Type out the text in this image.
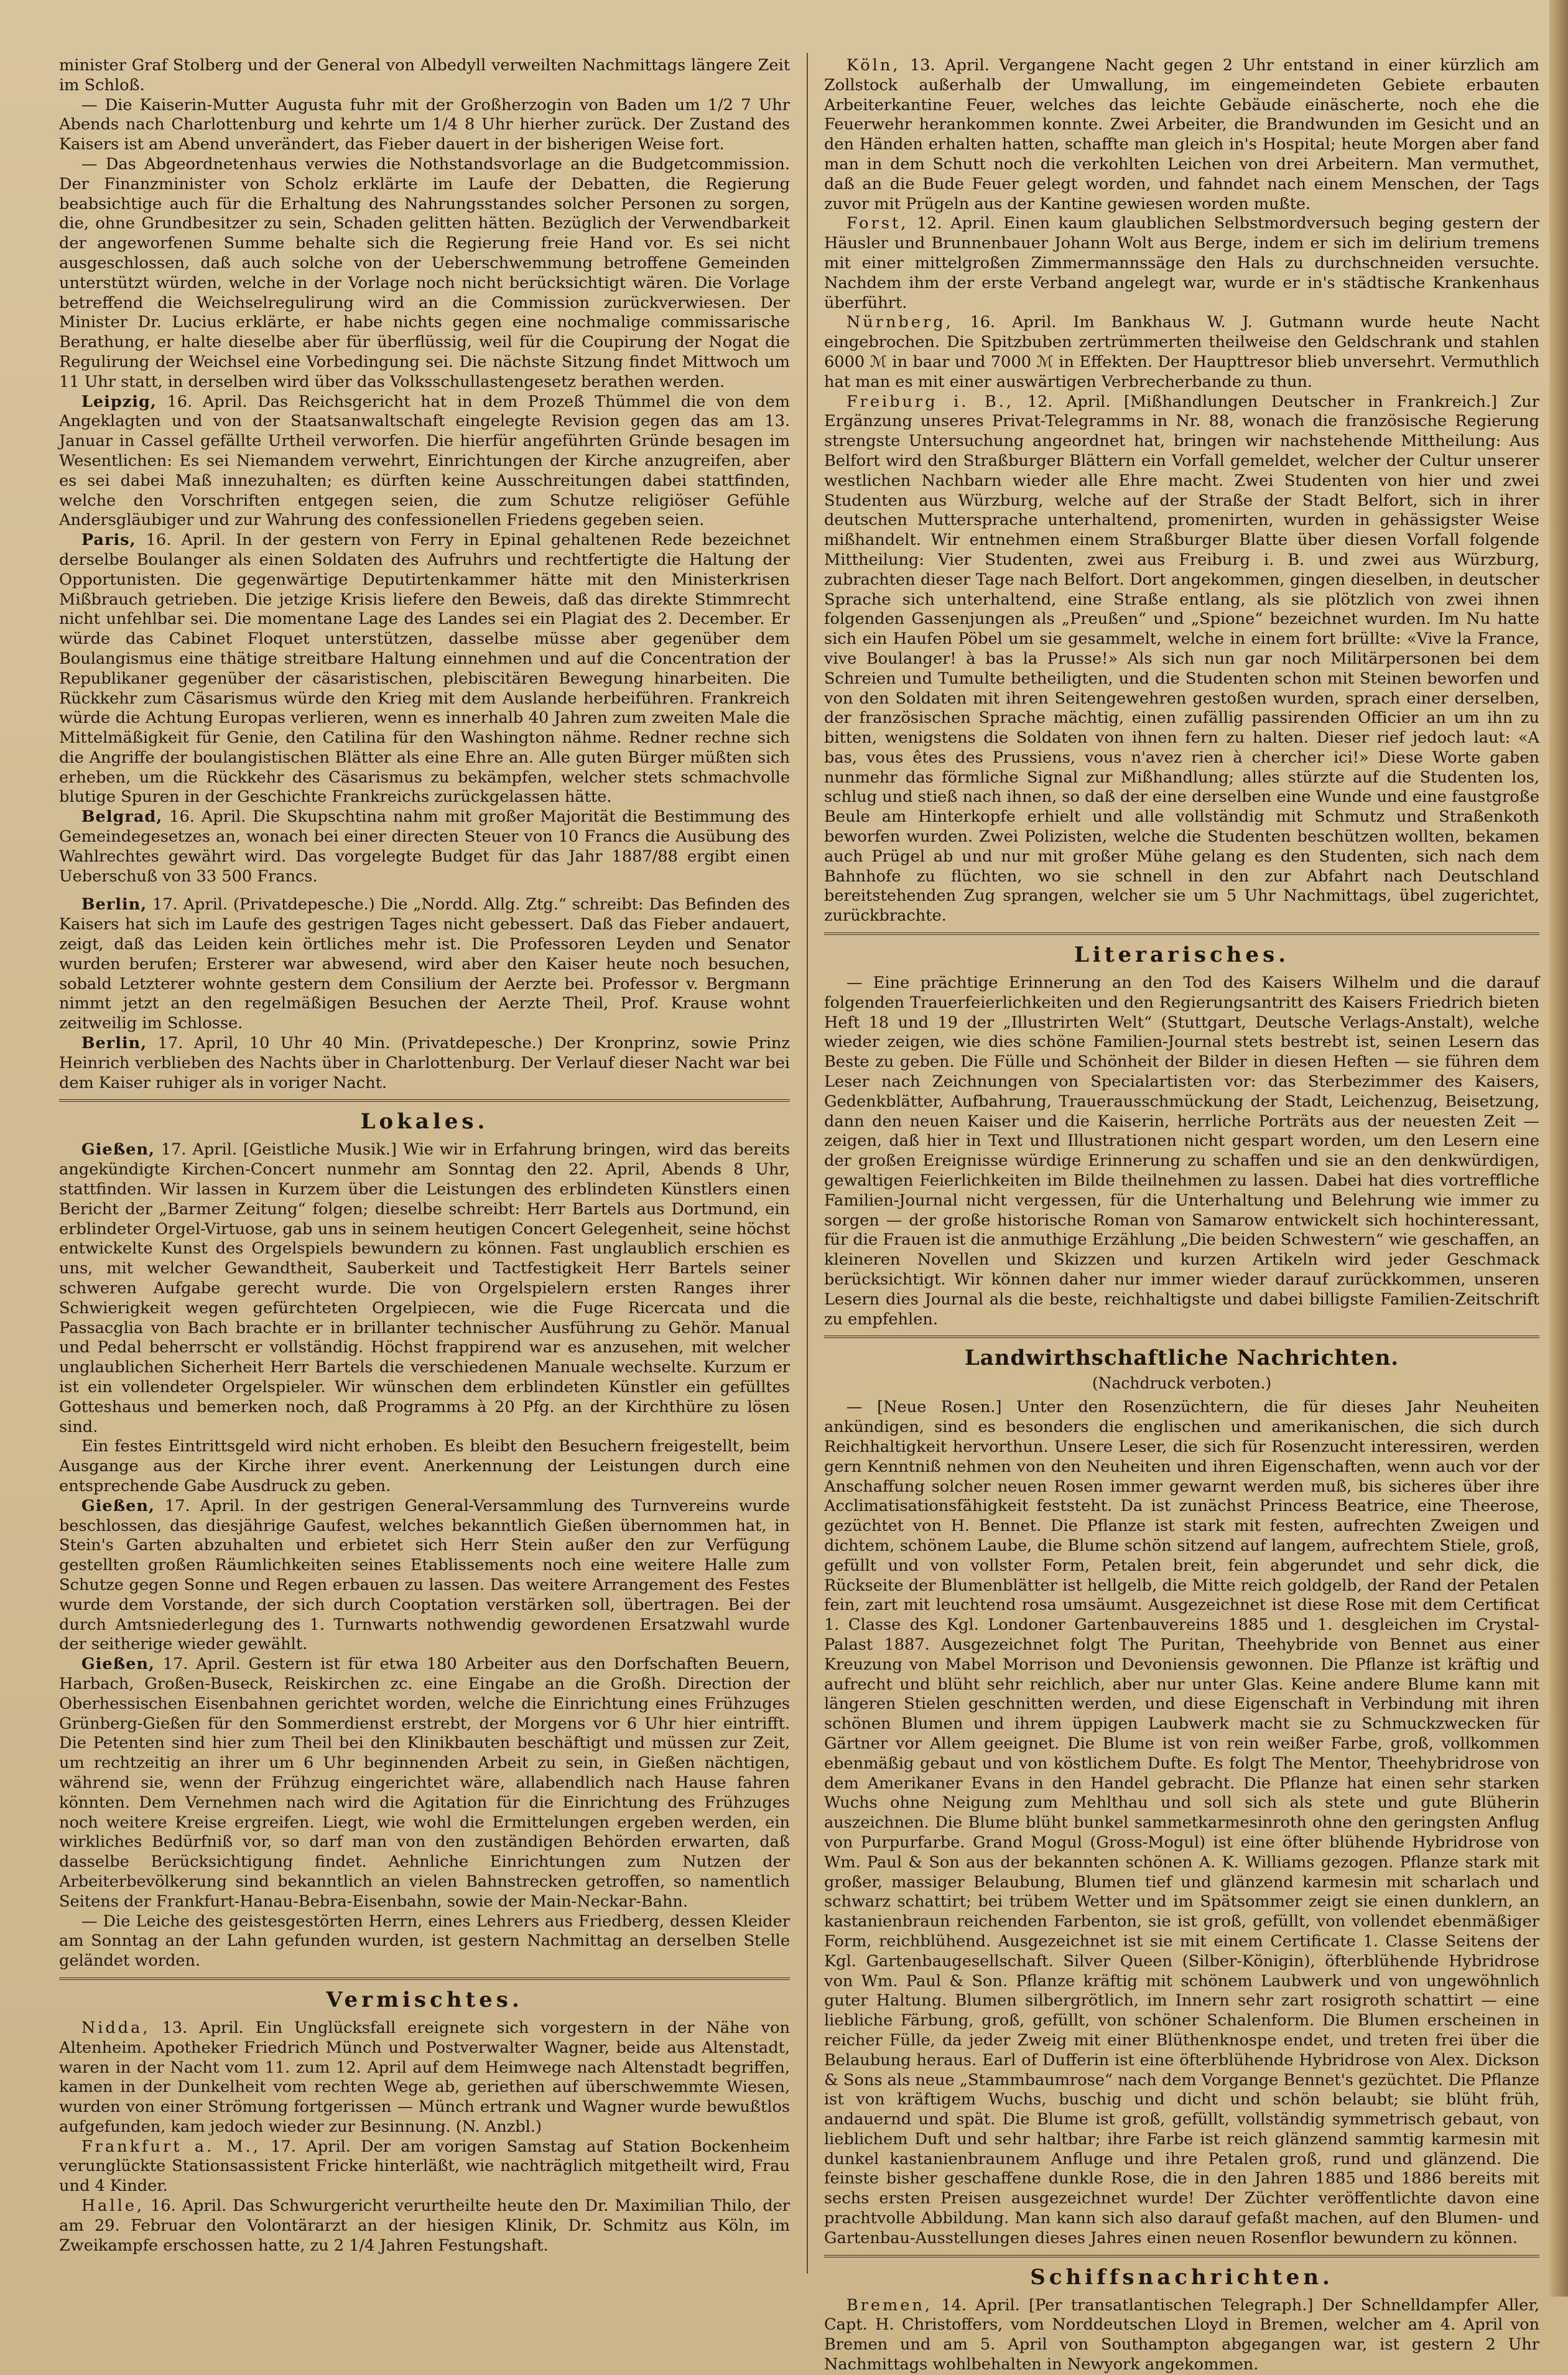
minister Graf Stolberg und der General von Albedyll verweilten Nachmittags längere Zeit im Schloß.

— Die Kaiserin-Mutter Augusta fuhr mit der Großherzogin von Baden um 1/2 7 Uhr Abends nach Charlottenburg und kehrte um 1/4 8 Uhr hierher zurück. Der Zustand des Kaisers ist am Abend unverändert, das Fieber dauert in der bisherigen Weise fort.

— Das Abgeordnetenhaus verwies die Nothstandsvorlage an die Budgetcommission. Der Finanzminister von Scholz erklärte im Laufe der Debatten, die Regierung beabsichtige auch für die Erhaltung des Nahrungsstandes solcher Personen zu sorgen, die, ohne Grundbesitzer zu sein, Schaden gelitten hätten. Bezüglich der Verwendbarkeit der angeworfenen Summe behalte sich die Regierung freie Hand vor. Es sei nicht ausgeschlossen, daß auch solche von der Ueberschwemmung betroffene Gemeinden unterstützt würden, welche in der Vorlage noch nicht berücksichtigt wären. Die Vorlage betreffend die Weichselregulirung wird an die Commission zurückverwiesen. Der Minister Dr. Lucius erklärte, er habe nichts gegen eine nochmalige commissarische Berathung, er halte dieselbe aber für überflüssig, weil für die Coupirung der Nogat die Regulirung der Weichsel eine Vorbedingung sei. Die nächste Sitzung findet Mittwoch um 11 Uhr statt, in derselben wird über das Volksschullastengesetz berathen werden.

Leipzig, 16. April. Das Reichsgericht hat in dem Prozeß Thümmel die von dem Angeklagten und von der Staatsanwaltschaft eingelegte Revision gegen das am 13. Januar in Cassel gefällte Urtheil verworfen. Die hierfür angeführten Gründe besagen im Wesentlichen: Es sei Niemandem verwehrt, Einrichtungen der Kirche anzugreifen, aber es sei dabei Maß innezuhalten; es dürften keine Ausschreitungen dabei stattfinden, welche den Vorschriften entgegen seien, die zum Schutze religiöser Gefühle Andersgläubiger und zur Wahrung des confessionellen Friedens gegeben seien.

Paris, 16. April. In der gestern von Ferry in Epinal gehaltenen Rede bezeichnet derselbe Boulanger als einen Soldaten des Aufruhrs und rechtfertigte die Haltung der Opportunisten. Die gegenwärtige Deputirtenkammer hätte mit den Ministerkrisen Mißbrauch getrieben. Die jetzige Krisis liefere den Beweis, daß das direkte Stimmrecht nicht unfehlbar sei. Die momentane Lage des Landes sei ein Plagiat des 2. December. Er würde das Cabinet Floquet unterstützen, dasselbe müsse aber gegenüber dem Boulangismus eine thätige streitbare Haltung einnehmen und auf die Concentration der Republikaner gegenüber der cäsaristischen, plebiscitären Bewegung hinarbeiten. Die Rückkehr zum Cäsarismus würde den Krieg mit dem Auslande herbeiführen. Frankreich würde die Achtung Europas verlieren, wenn es innerhalb 40 Jahren zum zweiten Male die Mittelmäßigkeit für Genie, den Catilina für den Washington nähme. Redner rechne sich die Angriffe der boulangistischen Blätter als eine Ehre an. Alle guten Bürger müßten sich erheben, um die Rückkehr des Cäsarismus zu bekämpfen, welcher stets schmachvolle blutige Spuren in der Geschichte Frankreichs zurückgelassen hätte.

Belgrad, 16. April. Die Skupschtina nahm mit großer Majorität die Bestimmung des Gemeindegesetzes an, wonach bei einer directen Steuer von 10 Francs die Ausübung des Wahlrechtes gewährt wird. Das vorgelegte Budget für das Jahr 1887/88 ergibt einen Ueberschuß von 33 500 Francs.

Berlin, 17. April. (Privatdepesche.) Die „Nordd. Allg. Ztg.“ schreibt: Das Befinden des Kaisers hat sich im Laufe des gestrigen Tages nicht gebessert. Daß das Fieber andauert, zeigt, daß das Leiden kein örtliches mehr ist. Die Professoren Leyden und Senator wurden berufen; Ersterer war abwesend, wird aber den Kaiser heute noch besuchen, sobald Letzterer wohnte gestern dem Consilium der Aerzte bei. Professor v. Bergmann nimmt jetzt an den regelmäßigen Besuchen der Aerzte Theil, Prof. Krause wohnt zeitweilig im Schlosse.

Berlin, 17. April, 10 Uhr 40 Min. (Privatdepesche.) Der Kronprinz, sowie Prinz Heinrich verblieben des Nachts über in Charlottenburg. Der Verlauf dieser Nacht war bei dem Kaiser ruhiger als in voriger Nacht.

Lokales.

Gießen, 17. April. [Geistliche Musik.] Wie wir in Erfahrung bringen, wird das bereits angekündigte Kirchen-Concert nunmehr am Sonntag den 22. April, Abends 8 Uhr, stattfinden. Wir lassen in Kurzem über die Leistungen des erblindeten Künstlers einen Bericht der „Barmer Zeitung“ folgen; dieselbe schreibt: Herr Bartels aus Dortmund, ein erblindeter Orgel-Virtuose, gab uns in seinem heutigen Concert Gelegenheit, seine höchst entwickelte Kunst des Orgelspiels bewundern zu können. Fast unglaublich erschien es uns, mit welcher Gewandtheit, Sauberkeit und Tactfestigkeit Herr Bartels seiner schweren Aufgabe gerecht wurde. Die von Orgelspielern ersten Ranges ihrer Schwierigkeit wegen gefürchteten Orgelpiecen, wie die Fuge Ricercata und die Passacglia von Bach brachte er in brillanter technischer Ausführung zu Gehör. Manual und Pedal beherrscht er vollständig. Höchst frappirend war es anzusehen, mit welcher unglaublichen Sicherheit Herr Bartels die verschiedenen Manuale wechselte. Kurzum er ist ein vollendeter Orgelspieler. Wir wünschen dem erblindeten Künstler ein gefülltes Gotteshaus und bemerken noch, daß Programms à 20 Pfg. an der Kirchthüre zu lösen sind.

Ein festes Eintrittsgeld wird nicht erhoben. Es bleibt den Besuchern freigestellt, beim Ausgange aus der Kirche ihrer event. Anerkennung der Leistungen durch eine entsprechende Gabe Ausdruck zu geben.

Gießen, 17. April. In der gestrigen General-Versammlung des Turnvereins wurde beschlossen, das diesjährige Gaufest, welches bekanntlich Gießen übernommen hat, in Stein's Garten abzuhalten und erbietet sich Herr Stein außer den zur Verfügung gestellten großen Räumlichkeiten seines Etablissements noch eine weitere Halle zum Schutze gegen Sonne und Regen erbauen zu lassen. Das weitere Arrangement des Festes wurde dem Vorstande, der sich durch Cooptation verstärken soll, übertragen. Bei der durch Amtsniederlegung des 1. Turnwarts nothwendig gewordenen Ersatzwahl wurde der seitherige wieder gewählt.

Gießen, 17. April. Gestern ist für etwa 180 Arbeiter aus den Dorfschaften Beuern, Harbach, Großen-Buseck, Reiskirchen zc. eine Eingabe an die Großh. Direction der Oberhessischen Eisenbahnen gerichtet worden, welche die Einrichtung eines Frühzuges Grünberg-Gießen für den Sommerdienst erstrebt, der Morgens vor 6 Uhr hier eintrifft. Die Petenten sind hier zum Theil bei den Klinikbauten beschäftigt und müssen zur Zeit, um rechtzeitig an ihrer um 6 Uhr beginnenden Arbeit zu sein, in Gießen nächtigen, während sie, wenn der Frühzug eingerichtet wäre, allabendlich nach Hause fahren könnten. Dem Vernehmen nach wird die Agitation für die Einrichtung des Frühzuges noch weitere Kreise ergreifen. Liegt, wie wohl die Ermittelungen ergeben werden, ein wirkliches Bedürfniß vor, so darf man von den zuständigen Behörden erwarten, daß dasselbe Berücksichtigung findet. Aehnliche Einrichtungen zum Nutzen der Arbeiterbevölkerung sind bekanntlich an vielen Bahnstrecken getroffen, so namentlich Seitens der Frankfurt-Hanau-Bebra-Eisenbahn, sowie der Main-Neckar-Bahn.

— Die Leiche des geistesgestörten Herrn, eines Lehrers aus Friedberg, dessen Kleider am Sonntag an der Lahn gefunden wurden, ist gestern Nachmittag an derselben Stelle geländet worden.

Vermischtes.

Nidda, 13. April. Ein Unglücksfall ereignete sich vorgestern in der Nähe von Altenheim. Apotheker Friedrich Münch und Postverwalter Wagner, beide aus Altenstadt, waren in der Nacht vom 11. zum 12. April auf dem Heimwege nach Altenstadt begriffen, kamen in der Dunkelheit vom rechten Wege ab, geriethen auf überschwemmte Wiesen, wurden von einer Strömung fortgerissen — Münch ertrank und Wagner wurde bewußtlos aufgefunden, kam jedoch wieder zur Besinnung. (N. Anzbl.)

Frankfurt a. M., 17. April. Der am vorigen Samstag auf Station Bockenheim verunglückte Stationsassistent Fricke hinterläßt, wie nachträglich mitgetheilt wird, Frau und 4 Kinder.

Halle, 16. April. Das Schwurgericht verurtheilte heute den Dr. Maximilian Thilo, der am 29. Februar den Volontärarzt an der hiesigen Klinik, Dr. Schmitz aus Köln, im Zweikampfe erschossen hatte, zu 2 1/4 Jahren Festungshaft.

Köln, 13. April. Vergangene Nacht gegen 2 Uhr entstand in einer kürzlich am Zollstock außerhalb der Umwallung, im eingemeindeten Gebiete erbauten Arbeiterkantine Feuer, welches das leichte Gebäude einäscherte, noch ehe die Feuerwehr herankommen konnte. Zwei Arbeiter, die Brandwunden im Gesicht und an den Händen erhalten hatten, schaffte man gleich in's Hospital; heute Morgen aber fand man in dem Schutt noch die verkohlten Leichen von drei Arbeitern. Man vermuthet, daß an die Bude Feuer gelegt worden, und fahndet nach einem Menschen, der Tags zuvor mit Prügeln aus der Kantine gewiesen worden mußte.

Forst, 12. April. Einen kaum glaublichen Selbstmordversuch beging gestern der Häusler und Brunnenbauer Johann Wolt aus Berge, indem er sich im delirium tremens mit einer mittelgroßen Zimmermannssäge den Hals zu durchschneiden versuchte. Nachdem ihm der erste Verband angelegt war, wurde er in's städtische Krankenhaus überführt.

Nürnberg, 16. April. Im Bankhaus W. J. Gutmann wurde heute Nacht eingebrochen. Die Spitzbuben zertrümmerten theilweise den Geldschrank und stahlen 6000 ℳ in baar und 7000 ℳ in Effekten. Der Haupttresor blieb unversehrt. Vermuthlich hat man es mit einer auswärtigen Verbrecherbande zu thun.

Freiburg i. B., 12. April. [Mißhandlungen Deutscher in Frankreich.] Zur Ergänzung unseres Privat-Telegramms in Nr. 88, wonach die französische Regierung strengste Untersuchung angeordnet hat, bringen wir nachstehende Mittheilung: Aus Belfort wird den Straßburger Blättern ein Vorfall gemeldet, welcher der Cultur unserer westlichen Nachbarn wieder alle Ehre macht. Zwei Studenten von hier und zwei Studenten aus Würzburg, welche auf der Straße der Stadt Belfort, sich in ihrer deutschen Muttersprache unterhaltend, promenirten, wurden in gehässigster Weise mißhandelt. Wir entnehmen einem Straßburger Blatte über diesen Vorfall folgende Mittheilung: Vier Studenten, zwei aus Freiburg i. B. und zwei aus Würzburg, zubrachten dieser Tage nach Belfort. Dort angekommen, gingen dieselben, in deutscher Sprache sich unterhaltend, eine Straße entlang, als sie plötzlich von zwei ihnen folgenden Gassenjungen als „Preußen“ und „Spione“ bezeichnet wurden. Im Nu hatte sich ein Haufen Pöbel um sie gesammelt, welche in einem fort brüllte: «Vive la France, vive Boulanger! à bas la Prusse!» Als sich nun gar noch Militärpersonen bei dem Schreien und Tumulte betheiligten, und die Studenten schon mit Steinen beworfen und von den Soldaten mit ihren Seitengewehren gestoßen wurden, sprach einer derselben, der französischen Sprache mächtig, einen zufällig passirenden Officier an um ihn zu bitten, wenigstens die Soldaten von ihnen fern zu halten. Dieser rief jedoch laut: «A bas, vous êtes des Prussiens, vous n'avez rien à chercher ici!» Diese Worte gaben nunmehr das förmliche Signal zur Mißhandlung; alles stürzte auf die Studenten los, schlug und stieß nach ihnen, so daß der eine derselben eine Wunde und eine faustgroße Beule am Hinterkopfe erhielt und alle vollständig mit Schmutz und Straßenkoth beworfen wurden. Zwei Polizisten, welche die Studenten beschützen wollten, bekamen auch Prügel ab und nur mit großer Mühe gelang es den Studenten, sich nach dem Bahnhofe zu flüchten, wo sie schnell in den zur Abfahrt nach Deutschland bereitstehenden Zug sprangen, welcher sie um 5 Uhr Nachmittags, übel zugerichtet, zurückbrachte.

Literarisches.

— Eine prächtige Erinnerung an den Tod des Kaisers Wilhelm und die darauf folgenden Trauerfeierlichkeiten und den Regierungsantritt des Kaisers Friedrich bieten Heft 18 und 19 der „Illustrirten Welt“ (Stuttgart, Deutsche Verlags-Anstalt), welche wieder zeigen, wie dies schöne Familien-Journal stets bestrebt ist, seinen Lesern das Beste zu geben. Die Fülle und Schönheit der Bilder in diesen Heften — sie führen dem Leser nach Zeichnungen von Specialartisten vor: das Sterbezimmer des Kaisers, Gedenkblätter, Aufbahrung, Trauerausschmückung der Stadt, Leichenzug, Beisetzung, dann den neuen Kaiser und die Kaiserin, herrliche Porträts aus der neuesten Zeit — zeigen, daß hier in Text und Illustrationen nicht gespart worden, um den Lesern eine der großen Ereignisse würdige Erinnerung zu schaffen und sie an den denkwürdigen, gewaltigen Feierlichkeiten im Bilde theilnehmen zu lassen. Dabei hat dies vortreffliche Familien-Journal nicht vergessen, für die Unterhaltung und Belehrung wie immer zu sorgen — der große historische Roman von Samarow entwickelt sich hochinteressant, für die Frauen ist die anmuthige Erzählung „Die beiden Schwestern“ wie geschaffen, an kleineren Novellen und Skizzen und kurzen Artikeln wird jeder Geschmack berücksichtigt. Wir können daher nur immer wieder darauf zurückkommen, unseren Lesern dies Journal als die beste, reichhaltigste und dabei billigste Familien-Zeitschrift zu empfehlen.

Landwirthschaftliche Nachrichten.
(Nachdruck verboten.)

— [Neue Rosen.] Unter den Rosenzüchtern, die für dieses Jahr Neuheiten ankündigen, sind es besonders die englischen und amerikanischen, die sich durch Reichhaltigkeit hervorthun. Unsere Leser, die sich für Rosenzucht interessiren, werden gern Kenntniß nehmen von den Neuheiten und ihren Eigenschaften, wenn auch vor der Anschaffung solcher neuen Rosen immer gewarnt werden muß, bis sicheres über ihre Acclimatisationsfähigkeit feststeht. Da ist zunächst Princess Beatrice, eine Theerose, gezüchtet von H. Bennet. Die Pflanze ist stark mit festen, aufrechten Zweigen und dichtem, schönem Laube, die Blume schön sitzend auf langem, aufrechtem Stiele, groß, gefüllt und von vollster Form, Petalen breit, fein abgerundet und sehr dick, die Rückseite der Blumenblätter ist hellgelb, die Mitte reich goldgelb, der Rand der Petalen fein, zart mit leuchtend rosa umsäumt. Ausgezeichnet ist diese Rose mit dem Certificat 1. Classe des Kgl. Londoner Gartenbauvereins 1885 und 1. desgleichen im Crystal-Palast 1887. Ausgezeichnet folgt The Puritan, Theehybride von Bennet aus einer Kreuzung von Mabel Morrison und Devoniensis gewonnen. Die Pflanze ist kräftig und aufrecht und blüht sehr reichlich, aber nur unter Glas. Keine andere Blume kann mit längeren Stielen geschnitten werden, und diese Eigenschaft in Verbindung mit ihren schönen Blumen und ihrem üppigen Laubwerk macht sie zu Schmuckzwecken für Gärtner vor Allem geeignet. Die Blume ist von rein weißer Farbe, groß, vollkommen ebenmäßig gebaut und von köstlichem Dufte. Es folgt The Mentor, Theehybridrose von dem Amerikaner Evans in den Handel gebracht. Die Pflanze hat einen sehr starken Wuchs ohne Neigung zum Mehlthau und soll sich als stete und gute Blüherin auszeichnen. Die Blume blüht bunkel sammetkarmesinroth ohne den geringsten Anflug von Purpurfarbe. Grand Mogul (Gross-Mogul) ist eine öfter blühende Hybridrose von Wm. Paul & Son aus der bekannten schönen A. K. Williams gezogen. Pflanze stark mit großer, massiger Belaubung, Blumen tief und glänzend karmesin mit scharlach und schwarz schattirt; bei trübem Wetter und im Spätsommer zeigt sie einen dunklern, an kastanienbraun reichenden Farbenton, sie ist groß, gefüllt, von vollendet ebenmäßiger Form, reichblühend. Ausgezeichnet ist sie mit einem Certificate 1. Classe Seitens der Kgl. Gartenbaugesellschaft. Silver Queen (Silber-Königin), öfterblühende Hybridrose von Wm. Paul & Son. Pflanze kräftig mit schönem Laubwerk und von ungewöhnlich guter Haltung. Blumen silbergrötlich, im Innern sehr zart rosigroth schattirt — eine liebliche Färbung, groß, gefüllt, von schöner Schalenform. Die Blumen erscheinen in reicher Fülle, da jeder Zweig mit einer Blüthenknospe endet, und treten frei über die Belaubung heraus. Earl of Dufferin ist eine öfterblühende Hybridrose von Alex. Dickson & Sons als neue „Stammbaumrose“ nach dem Vorgange Bennet's gezüchtet. Die Pflanze ist von kräftigem Wuchs, buschig und dicht und schön belaubt; sie blüht früh, andauernd und spät. Die Blume ist groß, gefüllt, vollständig symmetrisch gebaut, von lieblichem Duft und sehr haltbar; ihre Farbe ist reich glänzend sammtig karmesin mit dunkel kastanienbraunem Anfluge und ihre Petalen groß, rund und glänzend. Die feinste bisher geschaffene dunkle Rose, die in den Jahren 1885 und 1886 bereits mit sechs ersten Preisen ausgezeichnet wurde! Der Züchter veröffentlichte davon eine prachtvolle Abbildung. Man kann sich also darauf gefaßt machen, auf den Blumen- und Gartenbau-Ausstellungen dieses Jahres einen neuen Rosenflor bewundern zu können.

Schiffsnachrichten.

Bremen, 14. April. [Per transatlantischen Telegraph.] Der Schnelldampfer Aller, Capt. H. Christoffers, vom Norddeutschen Lloyd in Bremen, welcher am 4. April von Bremen und am 5. April von Southampton abgegangen war, ist gestern 2 Uhr Nachmittags wohlbehalten in Newyork angekommen.
